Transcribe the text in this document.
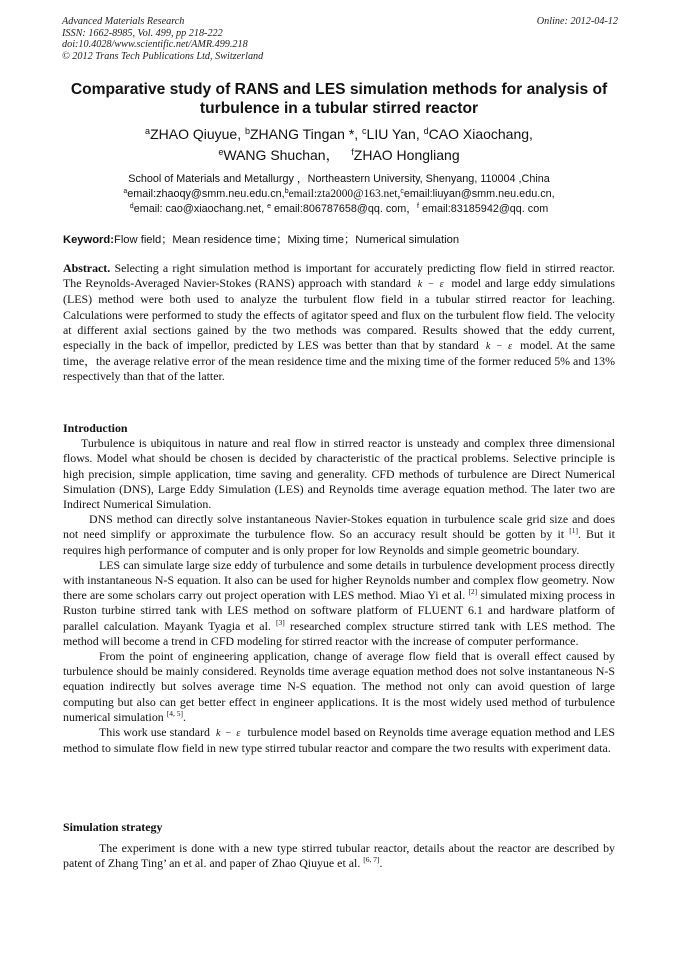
Advanced Materials Research	Online: 2012-04-12
ISSN: 1662-8985, Vol. 499, pp 218-222
doi:10.4028/www.scientific.net/AMR.499.218
© 2012 Trans Tech Publications Ltd, Switzerland
Comparative study of RANS and LES simulation methods for analysis of
turbulence in a tubular stirred reactor
$^a$ZHAO Qiuyue, $^b$ZHANG Tingan *, $^c$LIU Yan, $^d$CAO Xiaochang,
$^e$WANG Shuchan， $^f$ZHAO Hongliang
School of Materials and Metallurgy ，Northeastern University, Shenyang, 110004 ,China
$^a$email:zhaoqy@smm.neu.edu.cn,$^b$email:zta2000@163.net,$^c$email:liuyan@smm.neu.edu.cn,
$^d$email: cao@xiaochang.net, $^e$ email:806787658@qq. com，$^f$ email:83185942@qq. com
Keyword:Flow field；Mean residence time；Mixing time；Numerical simulation

Abstract. Selecting a right simulation method is important for accurately predicting flow field in stirred reactor. The Reynolds-Averaged Navier-Stokes (RANS) approach with standard k − ε model and large eddy simulations (LES) method were both used to analyze the turbulent flow field in a tubular stirred reactor for leaching. Calculations were performed to study the effects of agitator speed and flux on the turbulent flow field. The velocity at different axial sections gained by the two methods was compared. Results showed that the eddy current, especially in the back of impellor, predicted by LES was better than that by standard k − ε model. At the same time，the average relative error of the mean residence time and the mixing time of the former reduced 5% and 13% respectively than that of the latter.

Introduction

Turbulence is ubiquitous in nature and real flow in stirred reactor is unsteady and complex three dimensional flows. Model what should be chosen is decided by characteristic of the practical problems. Selective principle is high precision, simple application, time saving and generality. CFD methods of turbulence are Direct Numerical Simulation (DNS), Large Eddy Simulation (LES) and Reynolds time average equation method. The later two are Indirect Numerical Simulation.

DNS method can directly solve instantaneous Navier-Stokes equation in turbulence scale grid size and does not need simplify or approximate the turbulence flow. So an accuracy result should be gotten by it [1]. But it requires high performance of computer and is only proper for low Reynolds and simple geometric boundary.

LES can simulate large size eddy of turbulence and some details in turbulence development process directly with instantaneous N-S equation. It also can be used for higher Reynolds number and complex flow geometry. Now there are some scholars carry out project operation with LES method. Miao Yi et al. [2] simulated mixing process in Ruston turbine stirred tank with LES method on software platform of FLUENT 6.1 and hardware platform of parallel calculation. Mayank Tyagia et al. [3] researched complex structure stirred tank with LES method. The method will become a trend in CFD modeling for stirred reactor with the increase of computer performance.

From the point of engineering application, change of average flow field that is overall effect caused by turbulence should be mainly considered. Reynolds time average equation method does not solve instantaneous N-S equation indirectly but solves average time N-S equation. The method not only can avoid question of large computing but also can get better effect in engineer applications. It is the most widely used method of turbulence numerical simulation [4, 5].

This work use standard k − ε turbulence model based on Reynolds time average equation method and LES method to simulate flow field in new type stirred tubular reactor and compare the two results with experiment data.

Simulation strategy

The experiment is done with a new type stirred tubular reactor, details about the reactor are described by patent of Zhang Ting’ an et al. and paper of Zhao Qiuyue et al. [6, 7].
